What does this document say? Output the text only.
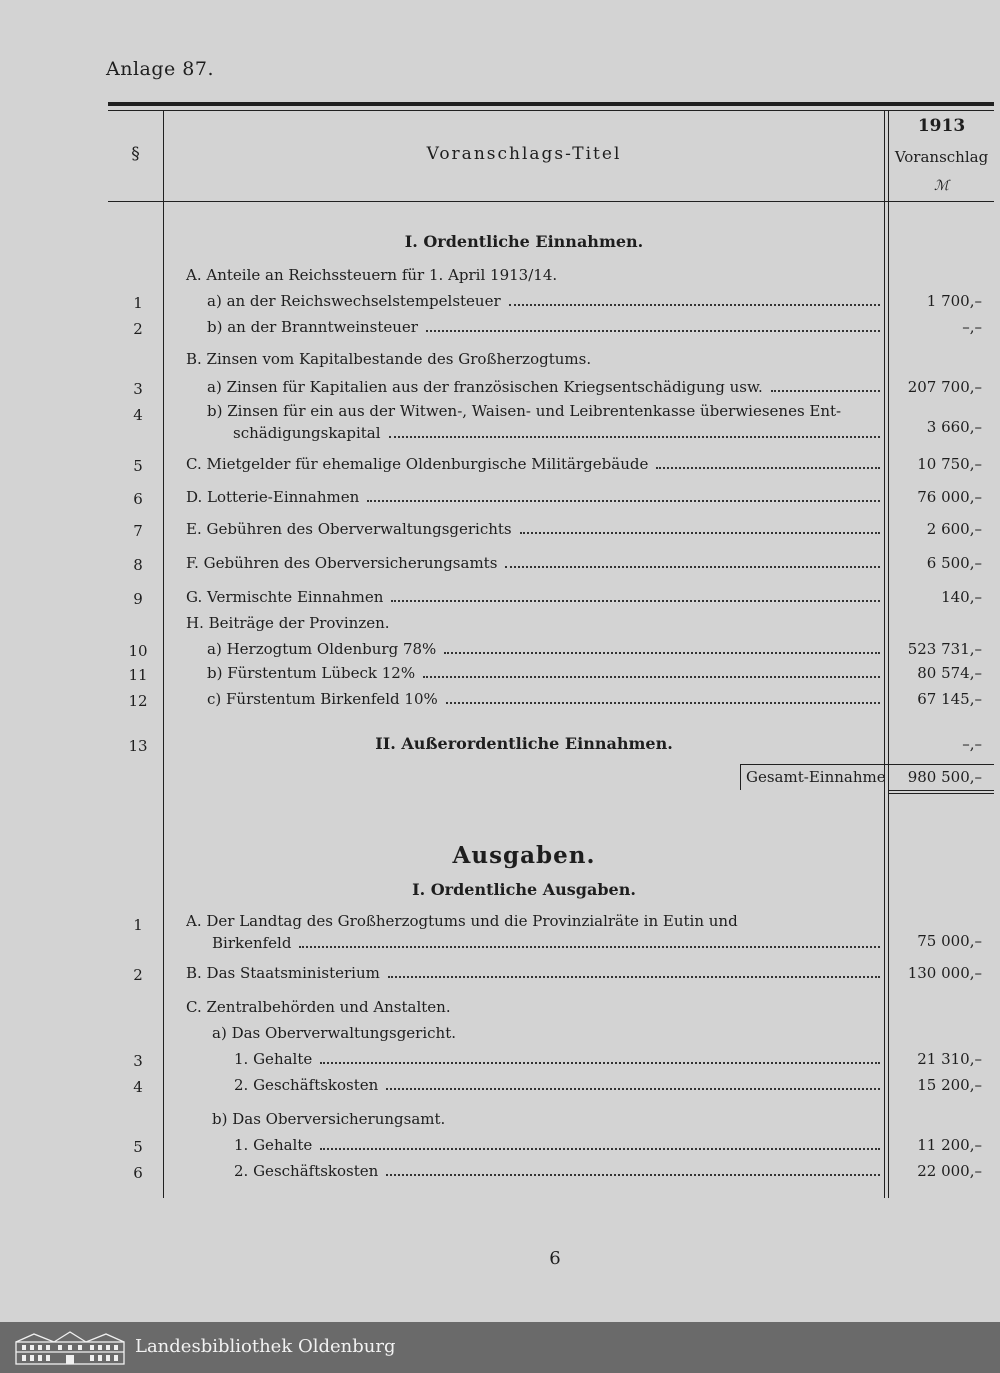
Anlage 87.
§	Voranschlags-Titel
1913
Voranschlag
ℳ
I. Ordentliche Einnahmen.
A. Anteile an Reichssteuern für 1. April 1913/14.
1	a) an der Reichswechselstempelsteuer	1 700,–
2	b) an der Branntweinsteuer	–,–
B. Zinsen vom Kapitalbestande des Großherzogtums.
3	a) Zinsen für Kapitalien aus der französischen Kriegsentschädigung usw.	207 700,–
4	b) Zinsen für ein aus der Witwen-, Waisen- und Leibrentenkasse überwiesenes Ent-
schädigungskapital	3 660,–
5	C. Mietgelder für ehemalige Oldenburgische Militärgebäude	10 750,–
6	D. Lotterie-Einnahmen	76 000,–
7	E. Gebühren des Oberverwaltungsgerichts	2 600,–
8	F. Gebühren des Oberversicherungsamts	6 500,–
9	G. Vermischte Einnahmen	140,–
H. Beiträge der Provinzen.
10	a) Herzogtum Oldenburg 78%	523 731,–
11	b) Fürstentum Lübeck 12%	80 574,–
12	c) Fürstentum Birkenfeld 10%	67 145,–
13	II. Außerordentliche Einnahmen.	–,–
Gesamt-Einnahme	980 500,–
Ausgaben.
I. Ordentliche Ausgaben.
1	A. Der Landtag des Großherzogtums und die Provinzialräte in Eutin und
Birkenfeld	75 000,–
2	B. Das Staatsministerium	130 000,–
C. Zentralbehörden und Anstalten.
a) Das Oberverwaltungsgericht.
3	1. Gehalte	21 310,–
4	2. Geschäftskosten	15 200,–
b) Das Oberversicherungsamt.
5	1. Gehalte	11 200,–
6	2. Geschäftskosten	22 000,–
6
Landesbibliothek Oldenburg
